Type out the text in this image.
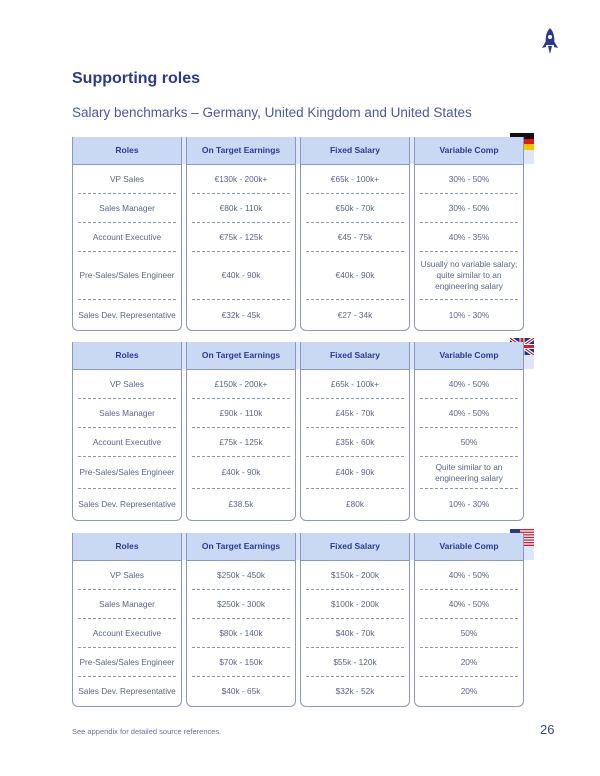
Supporting roles
Salary benchmarks – Germany, United Kingdom and United States
Roles
VP Sales
Sales Manager
Account Executive
Pre-Sales/Sales Engineer
Sales Dev. Representative
On Target Earnings
€130k - 200k+
€80k - 110k
€75k - 125k
€40k - 90k
€32k - 45k
Fixed Salary
€65k - 100k+
€50k - 70k
€45 - 75k
€40k - 90k
€27 - 34k
Variable Comp
30% - 50%
30% - 50%
40% - 35%
Usually no variable salary; quite similar to an engineering salary
10% - 30%
Roles
VP Sales
Sales Manager
Account Executive
Pre-Sales/Sales Engineer
Sales Dev. Representative
On Target Earnings
£150k - 200k+
£90k - 110k
£75k - 125k
£40k - 90k
£38.5k
Fixed Salary
£65k - 100k+
£45k - 70k
£35k - 60k
£40k - 90k
£80k
Variable Comp
40% - 50%
40% - 50%
50%
Quite similar to an engineering salary
10% - 30%
Roles
VP Sales
Sales Manager
Account Executive
Pre-Sales/Sales Engineer
Sales Dev. Representative
On Target Earnings
$250k - 450k
$250k - 300k
$80k - 140k
$70k - 150k
$40k - 65k
Fixed Salary
$150k - 200k
$100k - 200k
$40k - 70k
$55k - 120k
$32k - 52k
Variable Comp
40% - 50%
40% - 50%
50%
20%
20%
See appendix for detailed source references.	26
